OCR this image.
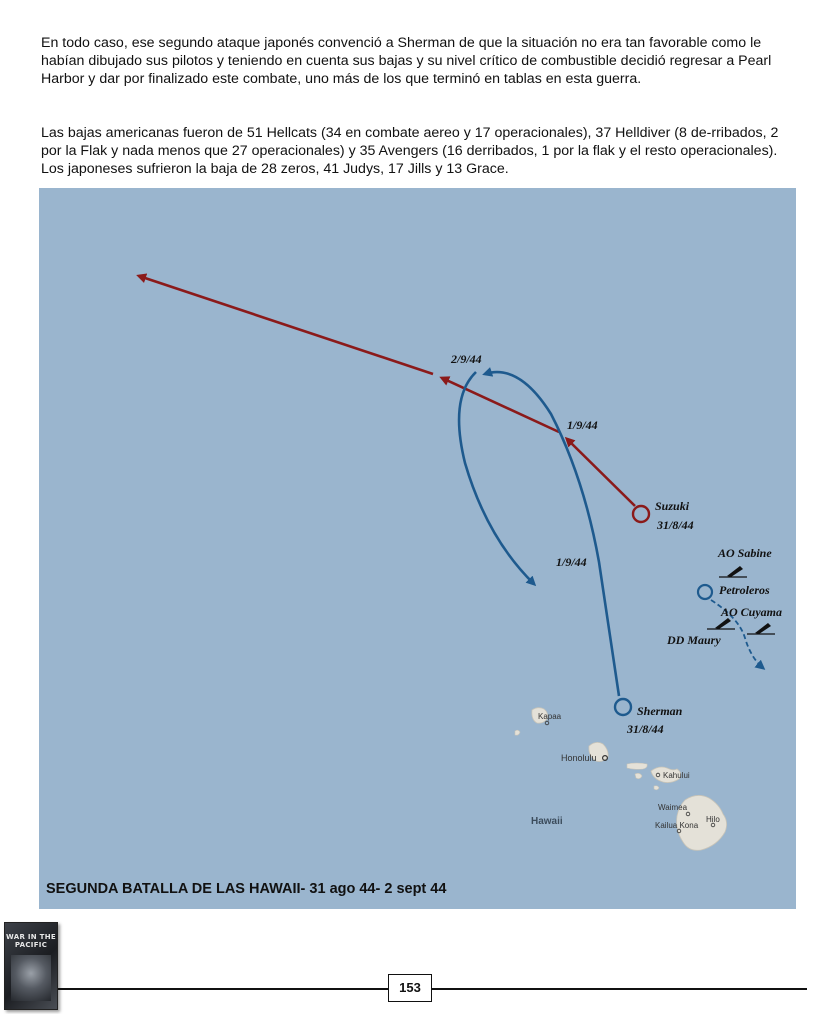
En todo caso, ese segundo ataque japonés convenció a Sherman de que la situación no era tan favorable como le habían dibujado sus pilotos y teniendo en cuenta sus bajas y su nivel crítico de combustible decidió regresar a Pearl Harbor y dar por finalizado este combate, uno más de los que terminó en tablas en esta guerra.

Las bajas americanas fueron de 51 Hellcats (34 en combate aereo y 17 operacionales), 37 Helldiver (8 de-rribados, 2 por la Flak y nada menos que 27 operacionales) y 35 Avengers (16 derribados, 1 por la flak y el resto operacionales). Los japoneses sufrieron la baja de 28 zeros, 41 Judys, 17 Jills y 13 Grace.

Kapaa
Honolulu
Kahului
Waimea
Kailua Kona
Hilo
Hawaii
Suzuki
31/8/44
1/9/44
2/9/44
1/9/44
Sherman
31/8/44
AO Sabine
Petroleros
AO Cuyama
DD Maury
SEGUNDA BATALLA DE LAS HAWAII- 31 ago 44- 2 sept 44
WAR IN THE PACIFIC
153
